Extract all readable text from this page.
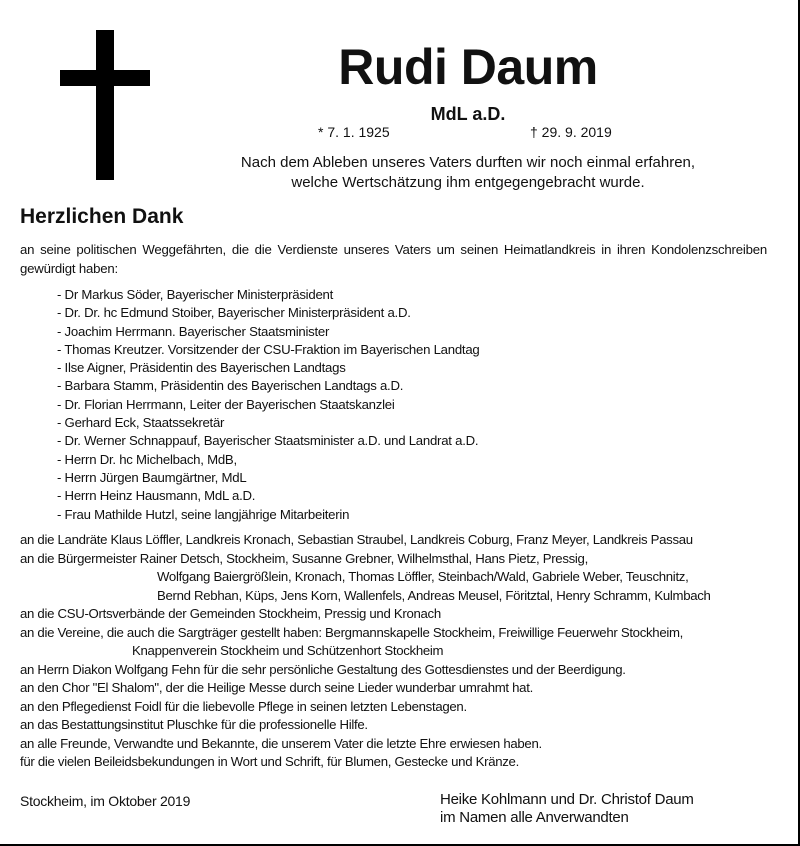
Rudi Daum
MdL a.D.
* 7. 1. 1925	† 29. 9. 2019
Nach dem Ableben unseres Vaters durften wir noch einmal erfahren,
welche Wertschätzung ihm entgegengebracht wurde.
Herzlichen Dank
an seine politischen Weggefährten, die die Verdienste unseres Vaters um seinen Heimatlandkreis in ihren Kondolenzschreiben gewürdigt haben:
- Dr Markus Söder, Bayerischer Ministerpräsident
- Dr. Dr. hc Edmund Stoiber, Bayerischer Ministerpräsident a.D.
- Joachim Herrmann. Bayerischer Staatsminister
- Thomas Kreutzer. Vorsitzender der CSU-Fraktion im Bayerischen Landtag
- Ilse Aigner, Präsidentin des Bayerischen Landtags
- Barbara Stamm, Präsidentin des Bayerischen Landtags a.D.
- Dr. Florian Herrmann, Leiter der Bayerischen Staatskanzlei
- Gerhard Eck, Staatssekretär
- Dr. Werner Schnappauf, Bayerischer Staatsminister a.D. und Landrat a.D.
- Herrn Dr. hc Michelbach, MdB,
- Herrn Jürgen Baumgärtner, MdL
- Herrn Heinz Hausmann, MdL a.D.
- Frau Mathilde Hutzl, seine langjährige Mitarbeiterin
an die Landräte Klaus Löffler, Landkreis Kronach, Sebastian Straubel, Landkreis Coburg, Franz Meyer, Landkreis Passau
an die Bürgermeister Rainer Detsch, Stockheim, Susanne Grebner, Wilhelmsthal, Hans Pietz, Pressig,
Wolfgang Baiergrößlein, Kronach, Thomas Löffler, Steinbach/Wald, Gabriele Weber, Teuschnitz,
Bernd Rebhan, Küps, Jens Korn, Wallenfels, Andreas Meusel, Föritztal, Henry Schramm, Kulmbach
an die CSU-Ortsverbände der Gemeinden Stockheim, Pressig und Kronach
an die Vereine, die auch die Sargträger gestellt haben: Bergmannskapelle Stockheim, Freiwillige Feuerwehr Stockheim,
Knappenverein Stockheim und Schützenhort Stockheim
an Herrn Diakon Wolfgang Fehn für die sehr persönliche Gestaltung des Gottesdienstes und der Beerdigung.
an den Chor "El Shalom", der die Heilige Messe durch seine Lieder wunderbar umrahmt hat.
an den Pflegedienst Foidl für die liebevolle Pflege in seinen letzten Lebenstagen.
an das Bestattungsinstitut Pluschke für die professionelle Hilfe.
an alle Freunde, Verwandte und Bekannte, die unserem Vater die letzte Ehre erwiesen haben.
für die vielen Beileidsbekundungen in Wort und Schrift, für Blumen, Gestecke und Kränze.
Stockheim, im Oktober 2019	Heike Kohlmann und Dr. Christof Daum
im Namen alle Anverwandten
